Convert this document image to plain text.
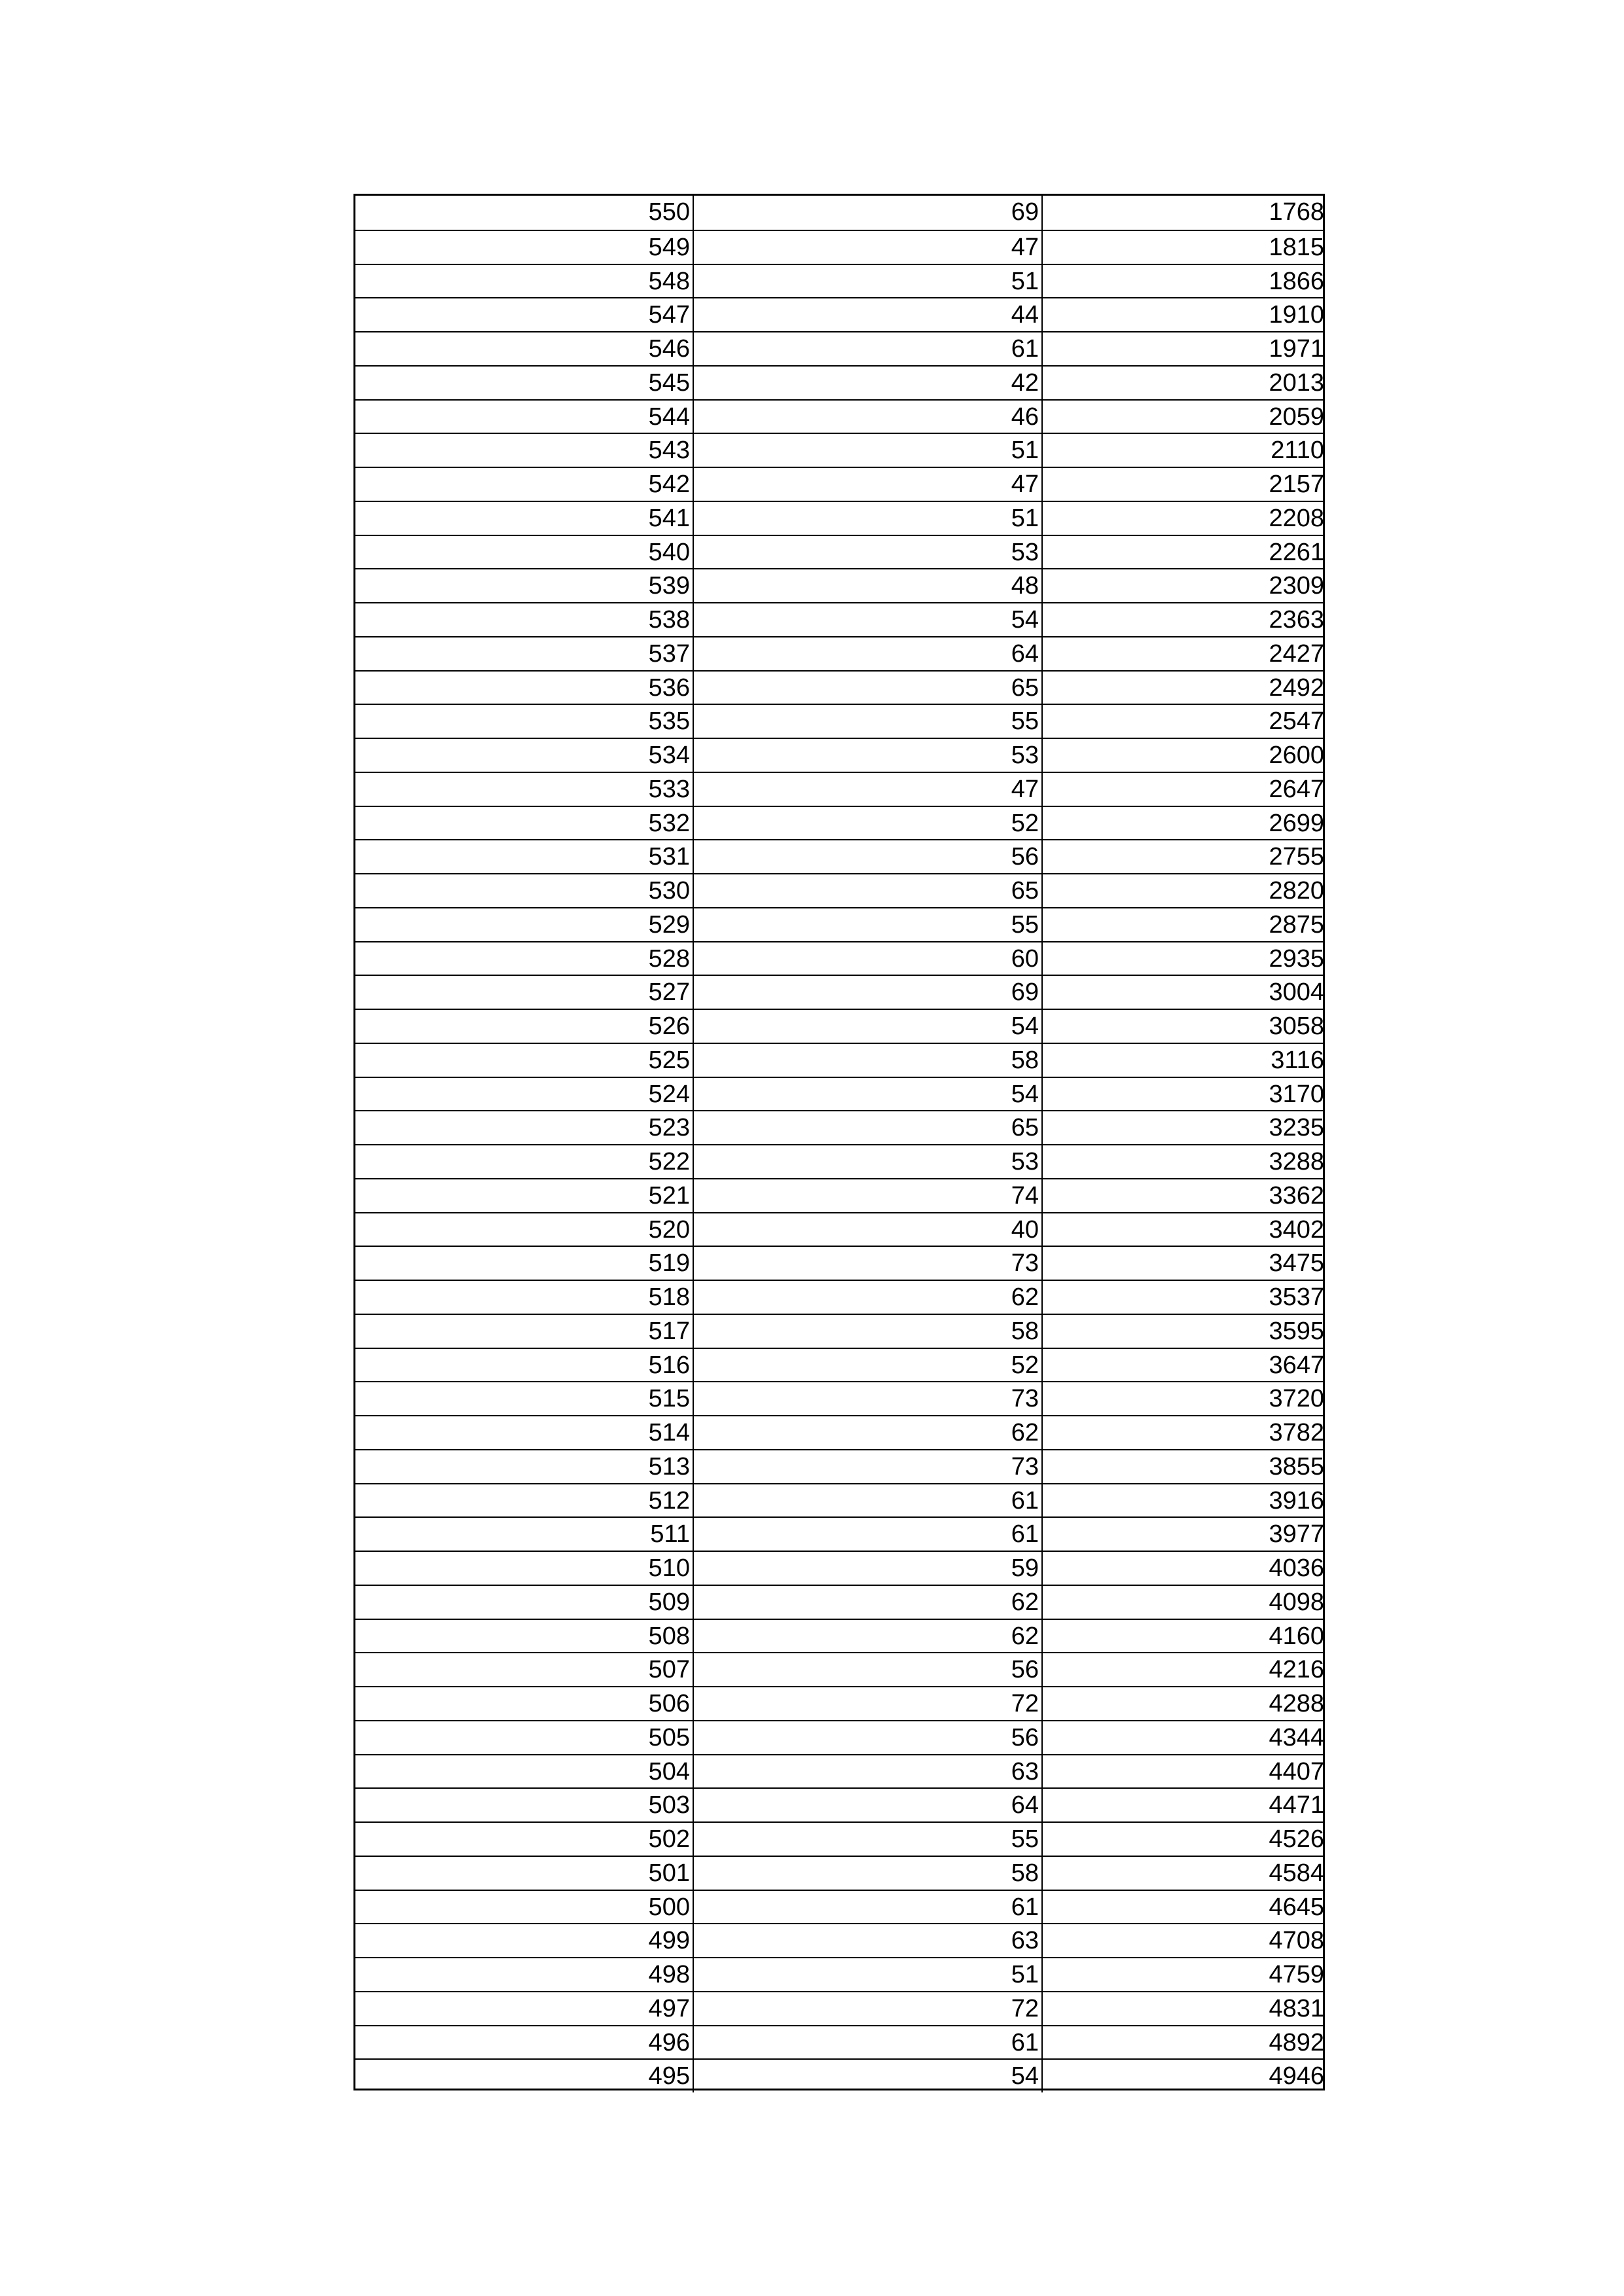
550	69	1768
549	47	1815
548	51	1866
547	44	1910
546	61	1971
545	42	2013
544	46	2059
543	51	2110
542	47	2157
541	51	2208
540	53	2261
539	48	2309
538	54	2363
537	64	2427
536	65	2492
535	55	2547
534	53	2600
533	47	2647
532	52	2699
531	56	2755
530	65	2820
529	55	2875
528	60	2935
527	69	3004
526	54	3058
525	58	3116
524	54	3170
523	65	3235
522	53	3288
521	74	3362
520	40	3402
519	73	3475
518	62	3537
517	58	3595
516	52	3647
515	73	3720
514	62	3782
513	73	3855
512	61	3916
511	61	3977
510	59	4036
509	62	4098
508	62	4160
507	56	4216
506	72	4288
505	56	4344
504	63	4407
503	64	4471
502	55	4526
501	58	4584
500	61	4645
499	63	4708
498	51	4759
497	72	4831
496	61	4892
495	54	4946
